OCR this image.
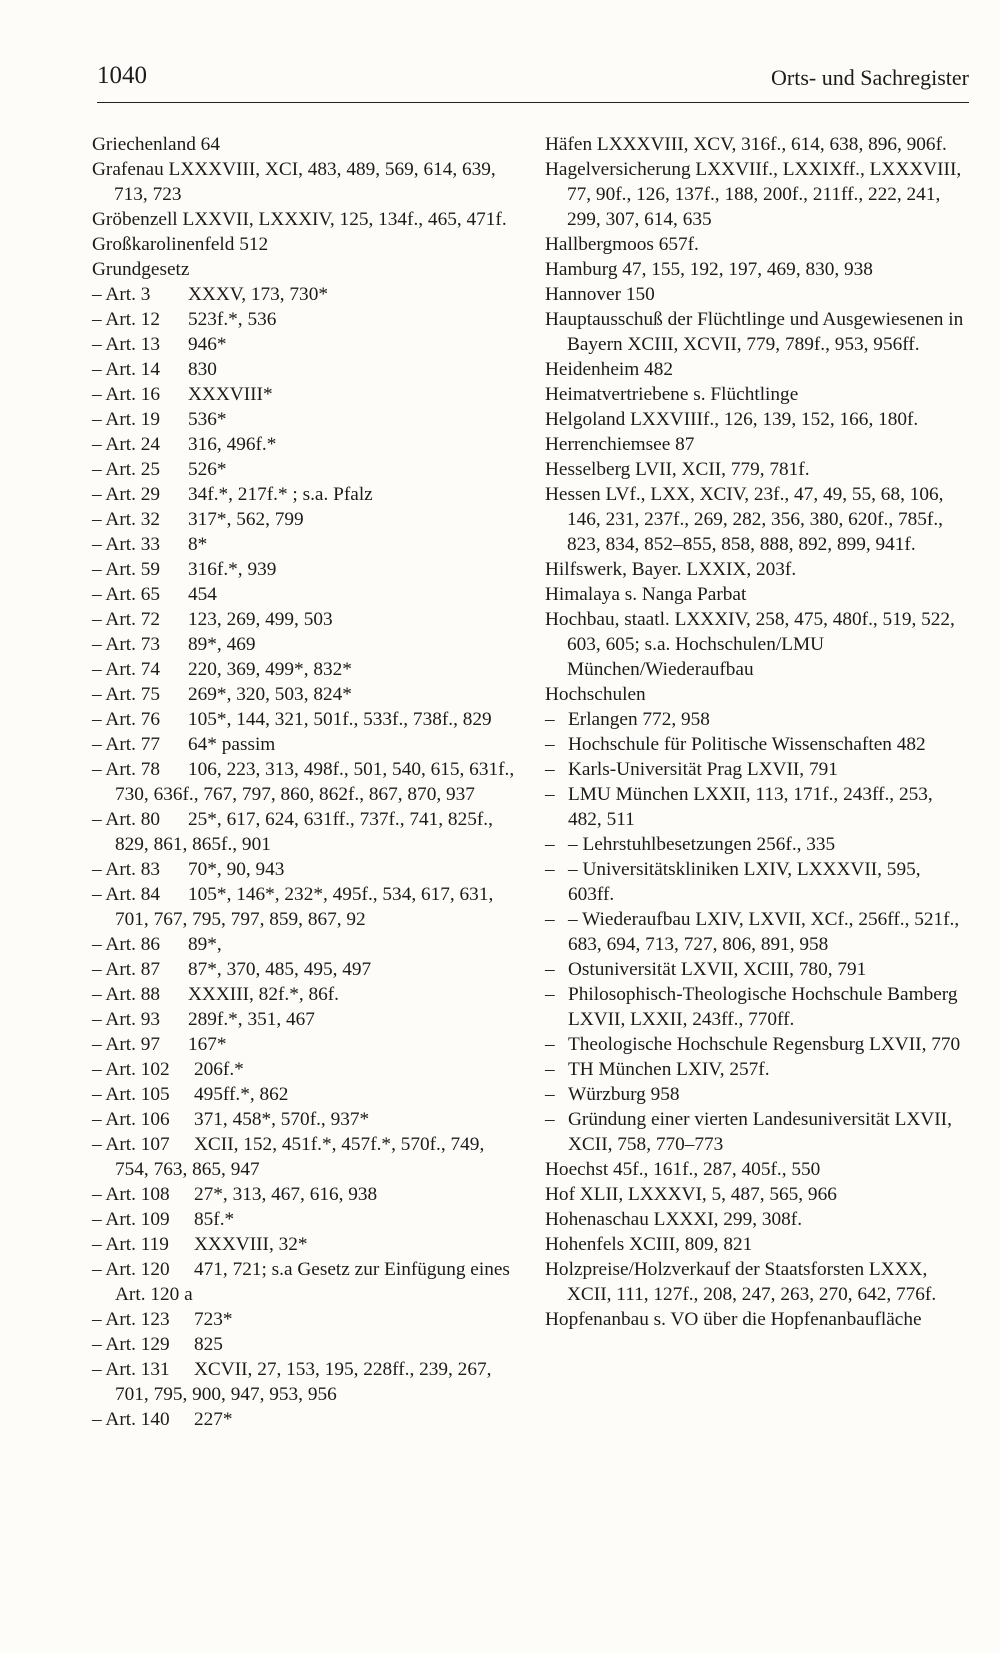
1040	Orts- und Sachregister
Griechenland 64
Grafenau LXXXVIII, XCI, 483, 489, 569, 614, 639, 713, 723
Gröbenzell LXXVII, LXXXIV, 125, 134f., 465, 471f.
Großkarolinenfeld 512
Grundgesetz
– Art. 3 XXXV, 173, 730*
– Art. 12 523f.*, 536
– Art. 13 946*
– Art. 14 830
– Art. 16 XXXVIII*
– Art. 19 536*
– Art. 24 316, 496f.*
– Art. 25 526*
– Art. 29 34f.*, 217f.* ; s.a. Pfalz
– Art. 32 317*, 562, 799
– Art. 33 8*
– Art. 59 316f.*, 939
– Art. 65 454
– Art. 72 123, 269, 499, 503
– Art. 73 89*, 469
– Art. 74 220, 369, 499*, 832*
– Art. 75 269*, 320, 503, 824*
– Art. 76 105*, 144, 321, 501f., 533f., 738f., 829
– Art. 77 64* passim
– Art. 78 106, 223, 313, 498f., 501, 540, 615, 631f., 730, 636f., 767, 797, 860, 862f., 867, 870, 937
– Art. 80 25*, 617, 624, 631ff., 737f., 741, 825f., 829, 861, 865f., 901
– Art. 83 70*, 90, 943
– Art. 84 105*, 146*, 232*, 495f., 534, 617, 631, 701, 767, 795, 797, 859, 867, 92
– Art. 86 89*,
– Art. 87 87*, 370, 485, 495, 497
– Art. 88 XXXIII, 82f.*, 86f.
– Art. 93 289f.*, 351, 467
– Art. 97 167*
– Art. 102 206f.*
– Art. 105 495ff.*, 862
– Art. 106 371, 458*, 570f., 937*
– Art. 107 XCII, 152, 451f.*, 457f.*, 570f., 749, 754, 763, 865, 947
– Art. 108 27*, 313, 467, 616, 938
– Art. 109 85f.*
– Art. 119 XXXVIII, 32*
– Art. 120 471, 721; s.a Gesetz zur Einfügung eines Art. 120 a
– Art. 123 723*
– Art. 129 825
– Art. 131 XCVII, 27, 153, 195, 228ff., 239, 267, 701, 795, 900, 947, 953, 956
– Art. 140 227*
Häfen LXXXVIII, XCV, 316f., 614, 638, 896, 906f.
Hagelversicherung LXXVIIf., LXXIXff., LXXXVIII, 77, 90f., 126, 137f., 188, 200f., 211ff., 222, 241, 299, 307, 614, 635
Hallbergmoos 657f.
Hamburg 47, 155, 192, 197, 469, 830, 938
Hannover 150
Hauptausschuß der Flüchtlinge und Ausgewiesenen in Bayern XCIII, XCVII, 779, 789f., 953, 956ff.
Heidenheim 482
Heimatvertriebene s. Flüchtlinge
Helgoland LXXVIIIf., 126, 139, 152, 166, 180f.
Herrenchiemsee 87
Hesselberg LVII, XCII, 779, 781f.
Hessen LVf., LXX, XCIV, 23f., 47, 49, 55, 68, 106, 146, 231, 237f., 269, 282, 356, 380, 620f., 785f., 823, 834, 852–855, 858, 888, 892, 899, 941f.
Hilfswerk, Bayer. LXXIX, 203f.
Himalaya s. Nanga Parbat
Hochbau, staatl. LXXXIV, 258, 475, 480f., 519, 522, 603, 605; s.a. Hochschulen/LMU München/Wiederaufbau
Hochschulen
– Erlangen 772, 958
– Hochschule für Politische Wissenschaften 482
– Karls-Universität Prag LXVII, 791
– LMU München LXXII, 113, 171f., 243ff., 253, 482, 511
– – Lehrstuhlbesetzungen 256f., 335
– – Universitätskliniken LXIV, LXXXVII, 595, 603ff.
– – Wiederaufbau LXIV, LXVII, XCf., 256ff., 521f., 683, 694, 713, 727, 806, 891, 958
– Ostuniversität LXVII, XCIII, 780, 791
– Philosophisch-Theologische Hochschule Bamberg LXVII, LXXII, 243ff., 770ff.
– Theologische Hochschule Regensburg LXVII, 770
– TH München LXIV, 257f.
– Würzburg 958
– Gründung einer vierten Landesuniversität LXVII, XCII, 758, 770–773
Hoechst 45f., 161f., 287, 405f., 550
Hof XLII, LXXXVI, 5, 487, 565, 966
Hohenaschau LXXXI, 299, 308f.
Hohenfels XCIII, 809, 821
Holzpreise/Holzverkauf der Staatsforsten LXXX, XCII, 111, 127f., 208, 247, 263, 270, 642, 776f.
Hopfenanbau s. VO über die Hopfenanbaufläche
